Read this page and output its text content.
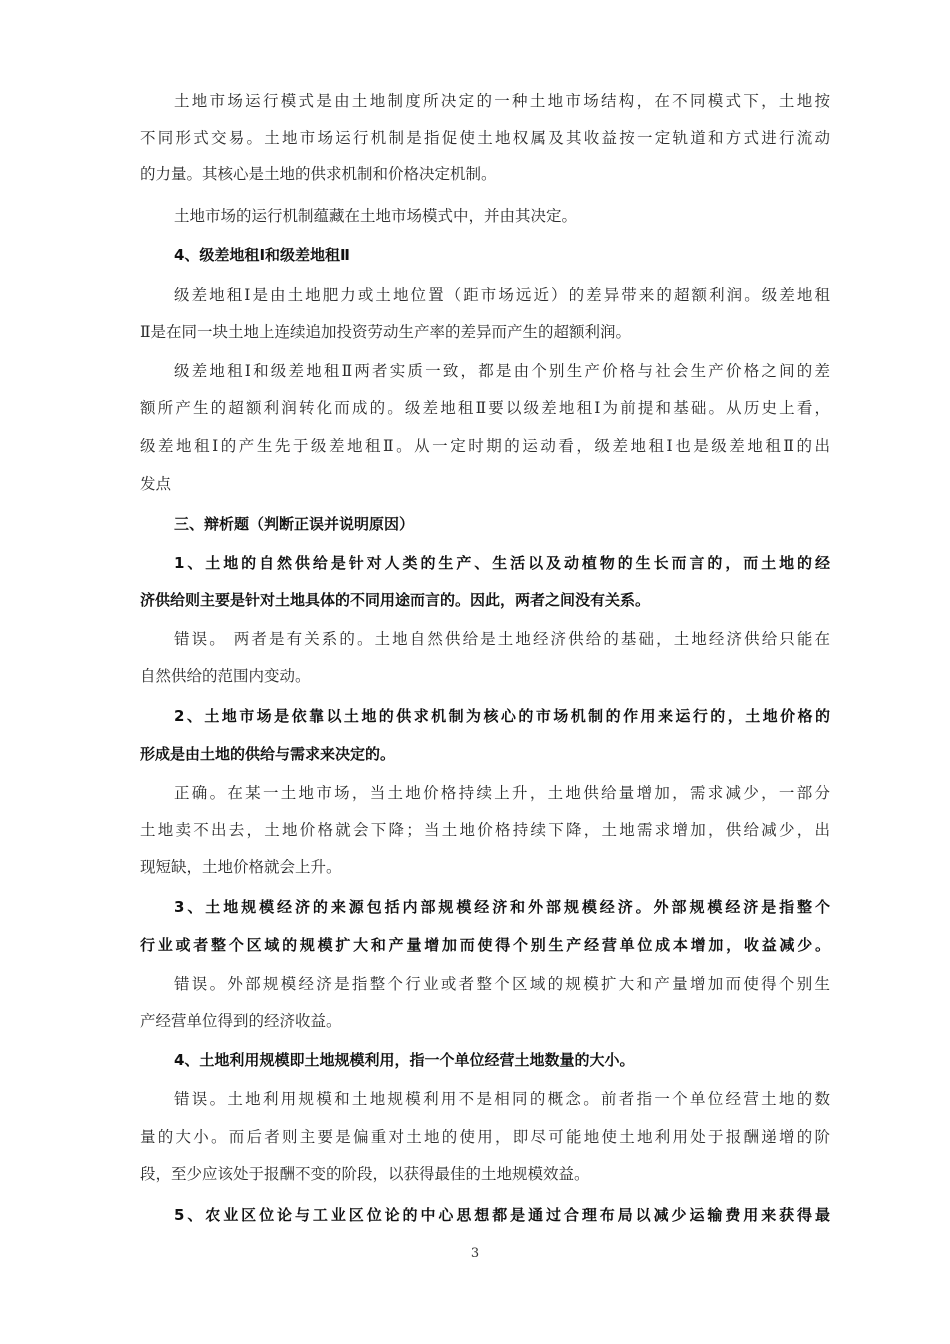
土地市场运行模式是由土地制度所决定的一种土地市场结构，在不同模式下，土地按
不同形式交易。土地市场运行机制是指促使土地权属及其收益按一定轨道和方式进行流动
的力量。其核心是土地的供求机制和价格决定机制。
土地市场的运行机制蕴藏在土地市场模式中，并由其决定。
4、级差地租Ⅰ和级差地租Ⅱ
级差地租Ⅰ是由土地肥力或土地位置（距市场远近）的差异带来的超额利润。级差地租
Ⅱ是在同一块土地上连续追加投资劳动生产率的差异而产生的超额利润。
级差地租Ⅰ和级差地租Ⅱ两者实质一致，都是由个别生产价格与社会生产价格之间的差
额所产生的超额利润转化而成的。级差地租Ⅱ要以级差地租Ⅰ为前提和基础。从历史上看，
级差地租Ⅰ的产生先于级差地租Ⅱ。从一定时期的运动看，级差地租Ⅰ也是级差地租Ⅱ的出
发点
三、辩析题（判断正误并说明原因）
1、土地的自然供给是针对人类的生产、生活以及动植物的生长而言的，而土地的经
济供给则主要是针对土地具体的不同用途而言的。因此，两者之间没有关系。
错误。 两者是有关系的。土地自然供给是土地经济供给的基础，土地经济供给只能在
自然供给的范围内变动。
2、土地市场是依靠以土地的供求机制为核心的市场机制的作用来运行的，土地价格的
形成是由土地的供给与需求来决定的。
正确。在某一土地市场，当土地价格持续上升，土地供给量增加，需求减少，一部分
土地卖不出去，土地价格就会下降；当土地价格持续下降，土地需求增加，供给减少，出
现短缺，土地价格就会上升。
3、土地规模经济的来源包括内部规模经济和外部规模经济。外部规模经济是指整个
行业或者整个区域的规模扩大和产量增加而使得个别生产经营单位成本增加，收益减少。
错误。外部规模经济是指整个行业或者整个区域的规模扩大和产量增加而使得个别生
产经营单位得到的经济收益。
4、土地利用规模即土地规模利用，指一个单位经营土地数量的大小。
错误。土地利用规模和土地规模利用不是相同的概念。前者指一个单位经营土地的数
量的大小。而后者则主要是偏重对土地的使用，即尽可能地使土地利用处于报酬递增的阶
段，至少应该处于报酬不变的阶段，以获得最佳的土地规模效益。
5、农业区位论与工业区位论的中心思想都是通过合理布局以减少运输费用来获得最
3
